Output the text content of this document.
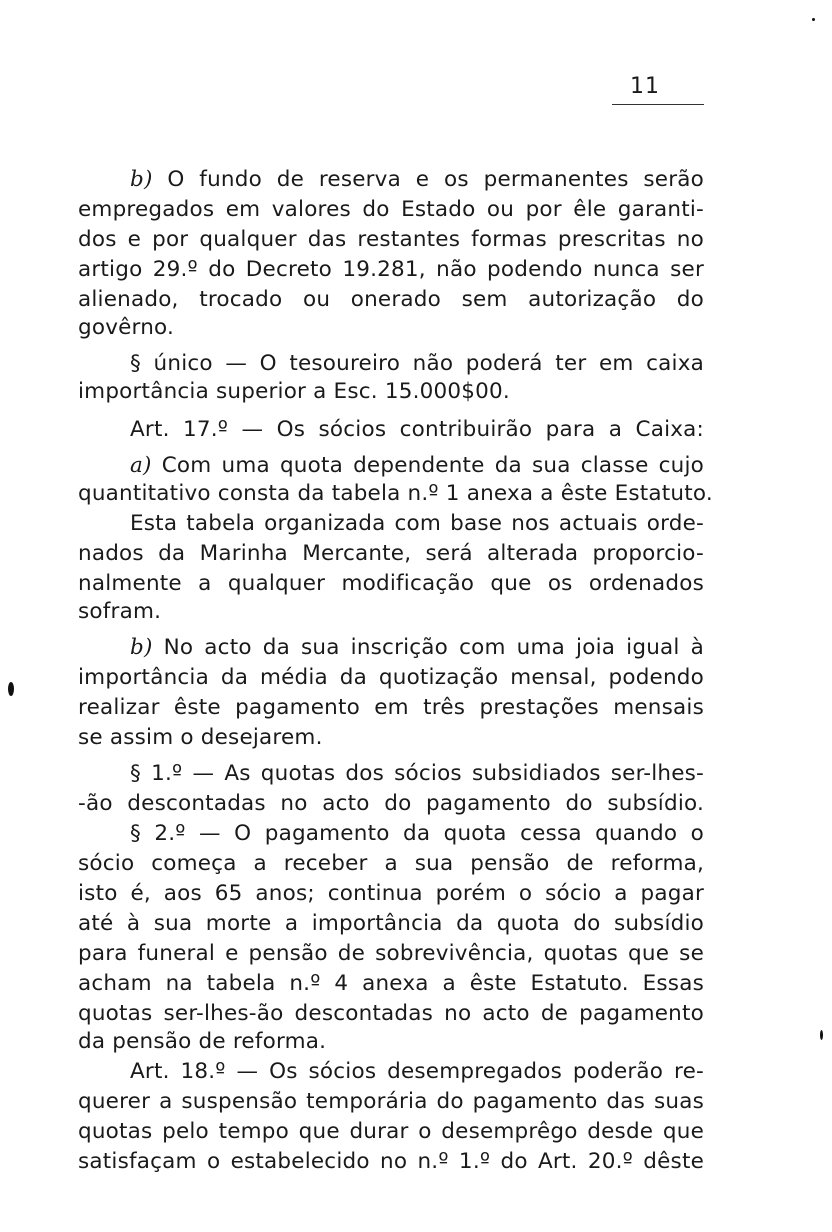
11
b) O fundo de reserva e os permanentes serão
empregados em valores do Estado ou por êle garanti-
dos e por qualquer das restantes formas prescritas no
artigo 29.º do Decreto 19.281, não podendo nunca ser
alienado, trocado ou onerado sem autorização do
govêrno.
§ único — O tesoureiro não poderá ter em caixa
importância superior a Esc. 15.000$00.
Art. 17.º — Os sócios contribuirão para a Caixa:
a) Com uma quota dependente da sua classe cujo
quantitativo consta da tabela n.º 1 anexa a êste Estatuto.
Esta tabela organizada com base nos actuais orde-
nados da Marinha Mercante, será alterada proporcio-
nalmente a qualquer modificação que os ordenados
sofram.
b) No acto da sua inscrição com uma joia igual à
importância da média da quotização mensal, podendo
realizar êste pagamento em três prestações mensais
se assim o desejarem.
§ 1.º — As quotas dos sócios subsidiados ser-lhes-
-ão descontadas no acto do pagamento do subsídio.
§ 2.º — O pagamento da quota cessa quando o
sócio começa a receber a sua pensão de reforma,
isto é, aos 65 anos; continua porém o sócio a pagar
até à sua morte a importância da quota do subsídio
para funeral e pensão de sobrevivência, quotas que se
acham na tabela n.º 4 anexa a êste Estatuto. Essas
quotas ser-lhes-ão descontadas no acto de pagamento
da pensão de reforma.
Art. 18.º — Os sócios desempregados poderão re-
querer a suspensão temporária do pagamento das suas
quotas pelo tempo que durar o desemprêgo desde que
satisfaçam o estabelecido no n.º 1.º do Art. 20.º dêste
